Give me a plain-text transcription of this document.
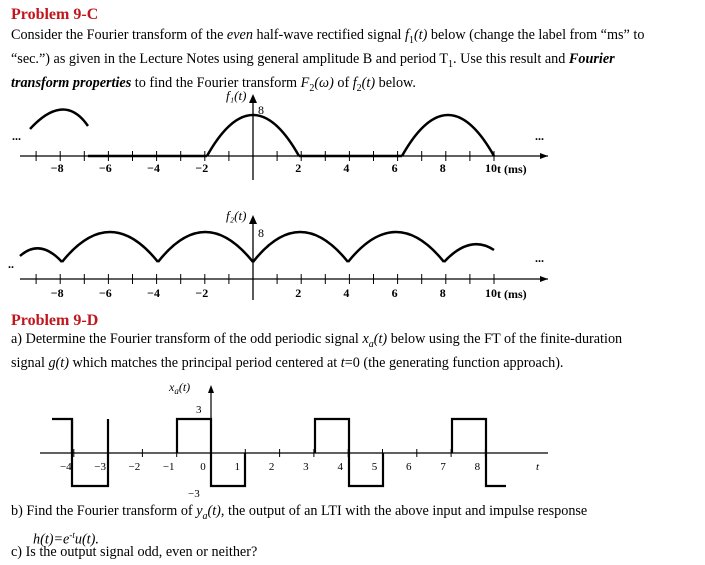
Problem 9-C
Consider the Fourier transform of the even half-wave rectified signal $f_1(t)$ below (change the label from “ms” to
“sec.”) as given in the Lecture Notes using general amplitude B and period $T_1$. Use this result and Fourier
transform properties to find the Fourier transform $F_2(\omega)$ of $f_2(t)$ below.
−8	−6	−4	−2	2	4	6	8	10
...	...
f₁(t)
8
t (ms)
−8	−6	−4	−2	2	4	6	8	10
..	...
f₂(t)
8
t (ms)
Problem 9-D
a) Determine the Fourier transform of the odd periodic signal $x_a(t)$ below using the FT of the finite-duration
signal g(t) which matches the principal period centered at t=0 (the generating function approach).
−4 −3 −2 −1 0	1	2	3	4	5	6	7	8
$x_a(t)$
3
−3
t
b) Find the Fourier transform of $y_a(t)$, the output of an LTI with the above input and impulse response
$h(t)=e^{-t}u(t)$.
c) Is the output signal odd, even or neither?
